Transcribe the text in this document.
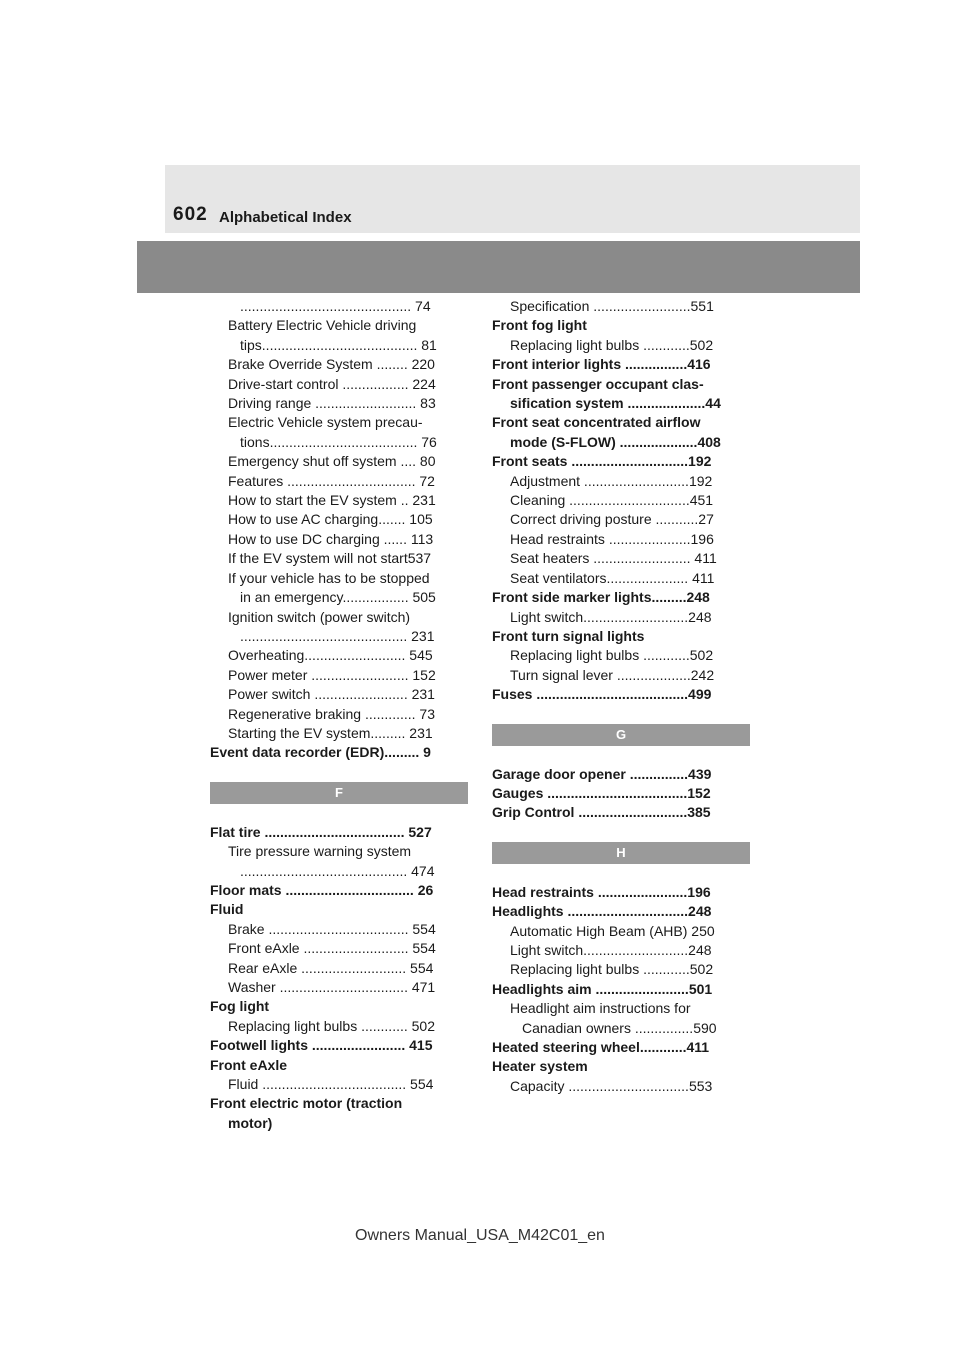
602 Alphabetical Index
............................................ 74
Battery Electric Vehicle driving
tips........................................ 81
Brake Override System ........ 220
Drive-start control ................. 224
Driving range .......................... 83
Electric Vehicle system precau-
tions...................................... 76
Emergency shut off system .... 80
Features ................................. 72
How to start the EV system .. 231
How to use AC charging....... 105
How to use DC charging ...... 113
If the EV system will not start537
If your vehicle has to be stopped
in an emergency................. 505
Ignition switch (power switch)
........................................... 231
Overheating.......................... 545
Power meter ......................... 152
Power switch ........................ 231
Regenerative braking ............. 73
Starting the EV system......... 231
Event data recorder (EDR)......... 9
F
Flat tire .................................... 527
Tire pressure warning system
........................................... 474
Floor mats ................................. 26
Fluid
Brake .................................... 554
Front eAxle ........................... 554
Rear eAxle ........................... 554
Washer ................................. 471
Fog light
Replacing light bulbs ............ 502
Footwell lights ........................ 415
Front eAxle
Fluid ..................................... 554
Front electric motor (traction
motor)
Specification .........................551
Front fog light
Replacing light bulbs ............502
Front interior lights ................416
Front passenger occupant clas-
sification system ....................44
Front seat concentrated airflow
mode (S-FLOW) ....................408
Front seats ..............................192
Adjustment ...........................192
Cleaning ...............................451
Correct driving posture ...........27
Head restraints .....................196
Seat heaters ......................... 411
Seat ventilators..................... 411
Front side marker lights.........248
Light switch...........................248
Front turn signal lights
Replacing light bulbs ............502
Turn signal lever ...................242
Fuses .......................................499
G
Garage door opener ...............439
Gauges ....................................152
Grip Control ............................385
H
Head restraints .......................196
Headlights ...............................248
Automatic High Beam (AHB) 250
Light switch...........................248
Replacing light bulbs ............502
Headlights aim ........................501
Headlight aim instructions for
Canadian owners ...............590
Heated steering wheel............411
Heater system
Capacity ...............................553
Owners Manual_USA_M42C01_en
